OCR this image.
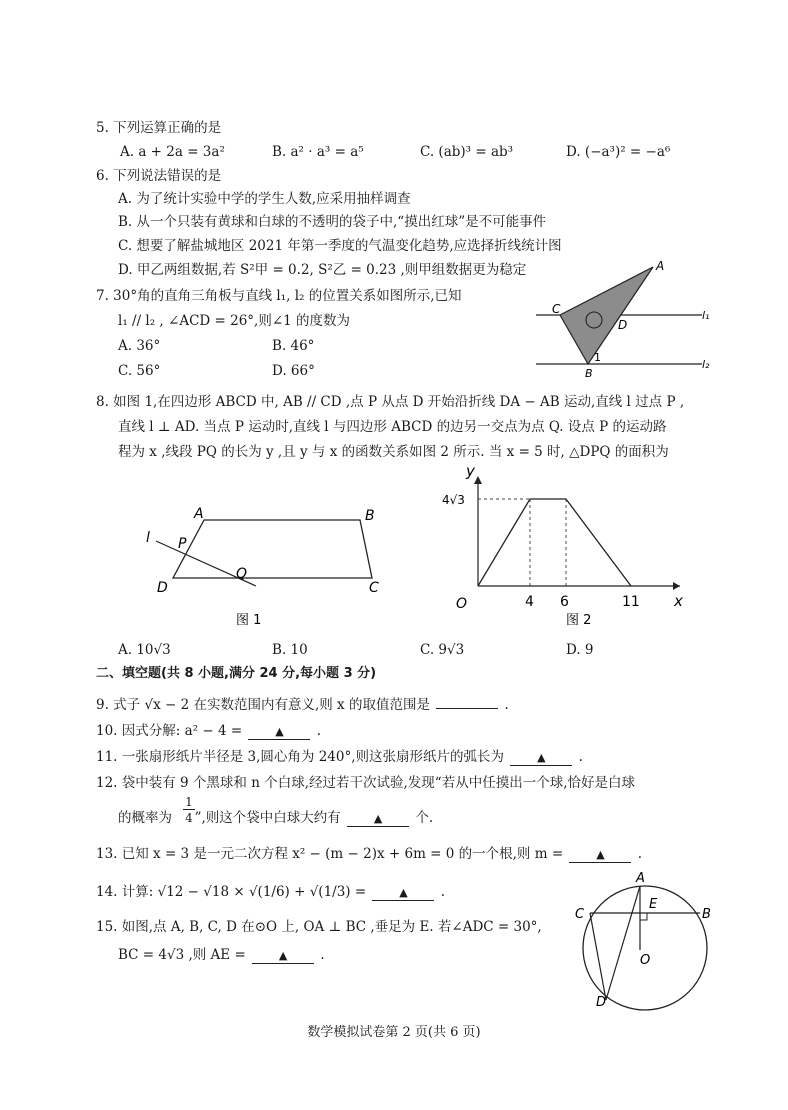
5. 下列运算正确的是
A. a + 2a = 3a²	B. a² · a³ = a⁵	C. (ab)³ = ab³	D. (−a³)² = −a⁶
6. 下列说法错误的是
A. 为了统计实验中学的学生人数,应采用抽样调查
B. 从一个只装有黄球和白球的不透明的袋子中,“摸出红球”是不可能事件
C. 想要了解盐城地区 2021 年第一季度的气温变化趋势,应选择折线统计图
D. 甲乙两组数据,若 S²甲 = 0.2, S²乙 = 0.23 ,则甲组数据更为稳定
7. 30°角的直角三角板与直线 l₁, l₂ 的位置关系如图所示,已知
l₁ // l₂ , ∠ACD = 26°,则∠1 的度数为
A. 36°	B. 46°
C. 56°	D. 66°
C
A
D
B
1
l₁
l₂
8. 如图 1,在四边形 ABCD 中, AB // CD ,点 P 从点 D 开始沿折线 DA − AB 运动,直线 l 过点 P ,
直线 l ⊥ AD. 当点 P 运动时,直线 l 与四边形 ABCD 的边另一交点为点 Q. 设点 P 的运动路
程为 x ,线段 PQ 的长为 y ,且 y 与 x 的函数关系如图 2 所示. 当 x = 5 时, △DPQ 的面积为
A	B
C
D
P
Q
l
图 1
y
x
O
4√3
4 6	11
图 2
A. 10√3	B. 10	C. 9√3	D. 9
二、填空题(共 8 小题,满分 24 分,每小题 3 分)
9. 式子 √x − 2 在实数范围内有意义,则 x 的取值范围是	.
10. 因式分解: a² − 4 =	▲ .
11. 一张扇形纸片半径是 3,圆心角为 240°,则这张扇形纸片的弧长为	▲ .
12. 袋中装有 9 个黑球和 n 个白球,经过若干次试验,发现“若从中任摸出一个球,恰好是白球
的概率为 ”,则这个袋中白球大约有	▲ 个.
1
4
13. 已知 x = 3 是一元二次方程 x² − (m − 2)x + 6m = 0 的一个根,则 m =	▲ .
14. 计算: √12 − √18 × √(1/6) + √(1/3) =	▲ .
15. 如图,点 A, B, C, D 在⊙O 上, OA ⊥ BC ,垂足为 E. 若∠ADC = 30°,
BC = 4√3 ,则 AE =	▲ .
A
B
C
D
E
O
数学模拟试卷第 2 页(共 6 页)
